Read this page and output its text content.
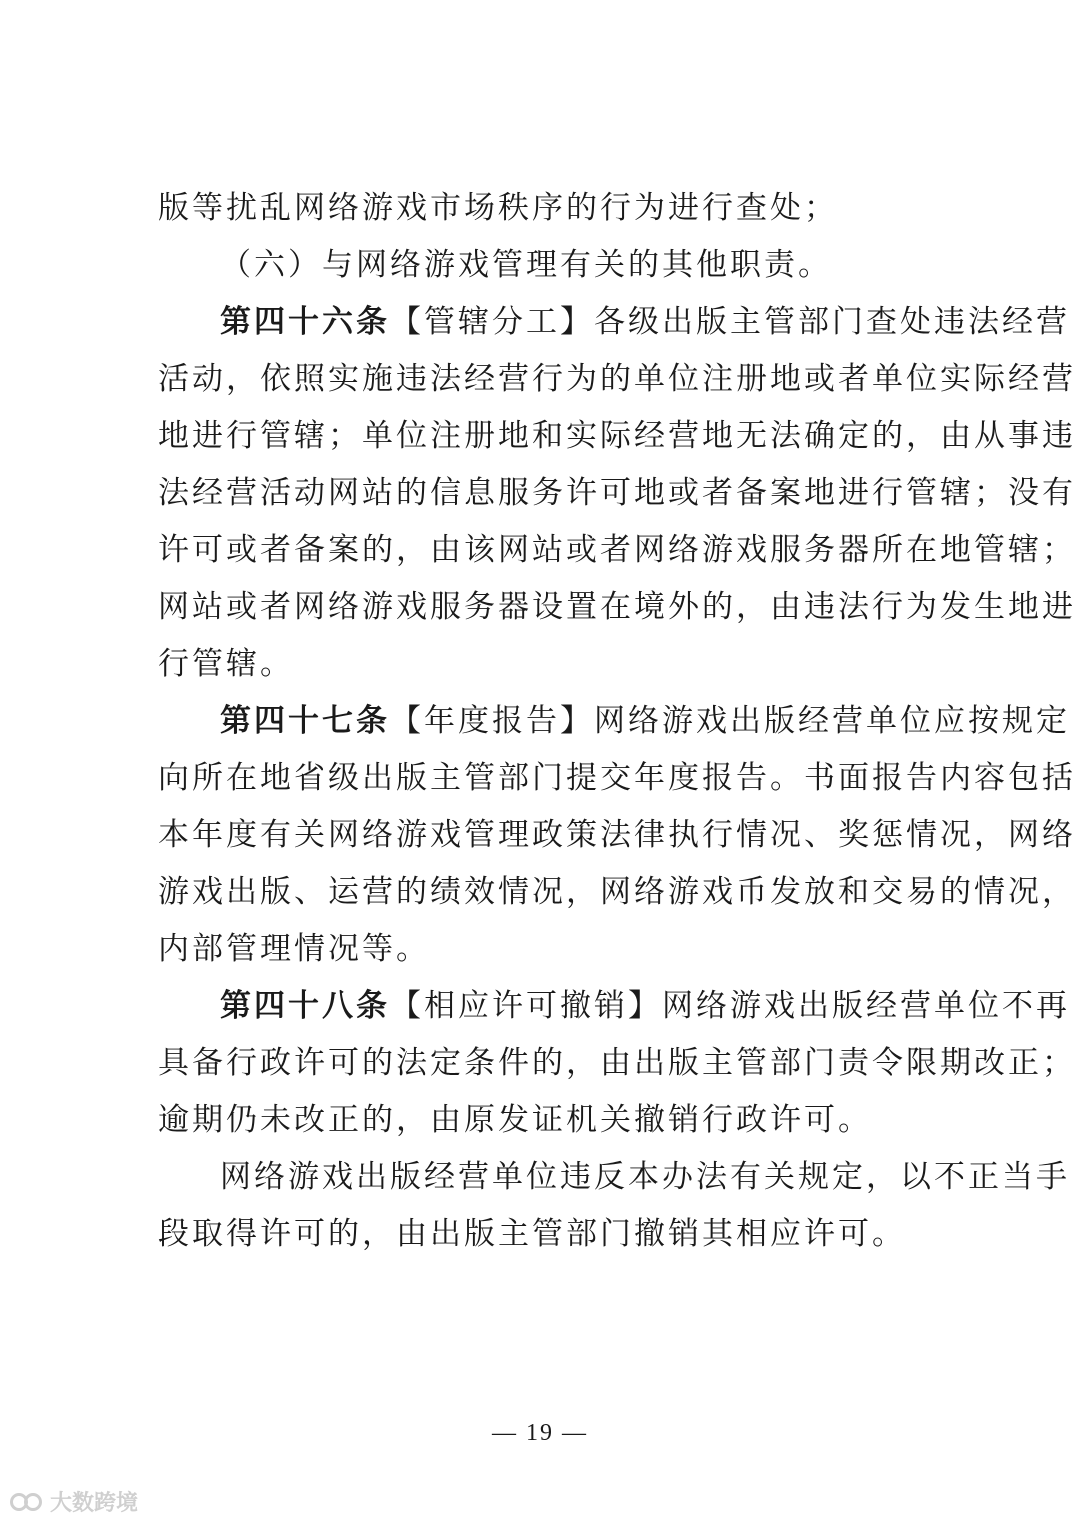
版等扰乱网络游戏市场秩序的行为进行查处；
（六）与网络游戏管理有关的其他职责。
第四十六条【管辖分工】各级出版主管部门查处违法经营
活动，依照实施违法经营行为的单位注册地或者单位实际经营
地进行管辖；单位注册地和实际经营地无法确定的，由从事违
法经营活动网站的信息服务许可地或者备案地进行管辖；没有
许可或者备案的，由该网站或者网络游戏服务器所在地管辖；
网站或者网络游戏服务器设置在境外的，由违法行为发生地进
行管辖。
第四十七条【年度报告】网络游戏出版经营单位应按规定
向所在地省级出版主管部门提交年度报告。书面报告内容包括
本年度有关网络游戏管理政策法律执行情况、奖惩情况，网络
游戏出版、运营的绩效情况，网络游戏币发放和交易的情况，
内部管理情况等。
第四十八条【相应许可撤销】网络游戏出版经营单位不再
具备行政许可的法定条件的，由出版主管部门责令限期改正；
逾期仍未改正的，由原发证机关撤销行政许可。
网络游戏出版经营单位违反本办法有关规定，以不正当手
段取得许可的，由出版主管部门撤销其相应许可。
— 19 —
大数跨境
